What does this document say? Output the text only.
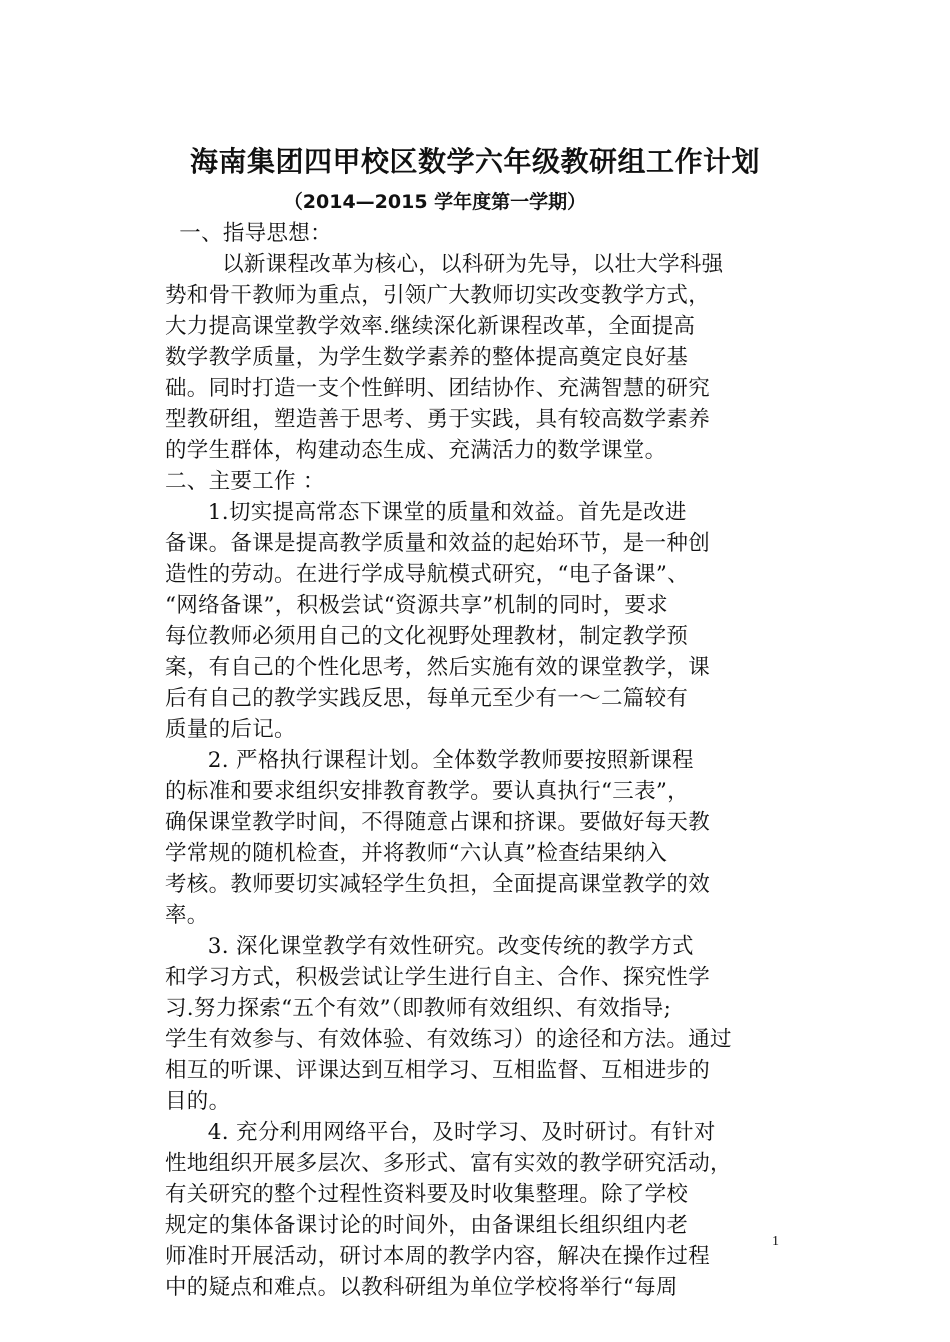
海南集团四甲校区数学六年级教研组工作计划
（2014—2015 学年度第一学期）
一、指导思想：
以新课程改革为核心，以科研为先导，以壮大学科强
势和骨干教师为重点，引领广大教师切实改变教学方式，
大力提高课堂教学效率.继续深化新课程改革，全面提高
数学教学质量，为学生数学素养的整体提高奠定良好基
础。同时打造一支个性鲜明、团结协作、充满智慧的研究
型教研组，塑造善于思考、勇于实践，具有较高数学素养
的学生群体，构建动态生成、充满活力的数学课堂。
二、主要工作 ：
1.切实提高常态下课堂的质量和效益。首先是改进
备课。备课是提高教学质量和效益的起始环节，是一种创
造性的劳动。在进行学成导航模式研究，“电子备课”、
“网络备课”，积极尝试“资源共享”机制的同时，要求
每位教师必须用自己的文化视野处理教材，制定教学预
案，有自己的个性化思考，然后实施有效的课堂教学，课
后有自己的教学实践反思，每单元至少有一～二篇较有
质量的后记。
2. 严格执行课程计划。全体数学教师要按照新课程
的标准和要求组织安排教育教学。要认真执行“三表”，
确保课堂教学时间，不得随意占课和挤课。要做好每天教
学常规的随机检查，并将教师“六认真”检查结果纳入
考核。教师要切实减轻学生负担，全面提高课堂教学的效
率。
3. 深化课堂教学有效性研究。改变传统的教学方式
和学习方式，积极尝试让学生进行自主、合作、探究性学
习.努力探索“五个有效”（即教师有效组织、有效指导;
学生有效参与、有效体验、有效练习）的途径和方法。通过
相互的听课、评课达到互相学习、互相监督、互相进步的
目的。
4. 充分利用网络平台，及时学习、及时研讨。有针对
性地组织开展多层次、多形式、富有实效的教学研究活动，
有关研究的整个过程性资料要及时收集整理。除了学校
规定的集体备课讨论的时间外，由备课组长组织组内老
师准时开展活动，研讨本周的教学内容，解决在操作过程
中的疑点和难点。以教科研组为单位学校将举行“每周
1
